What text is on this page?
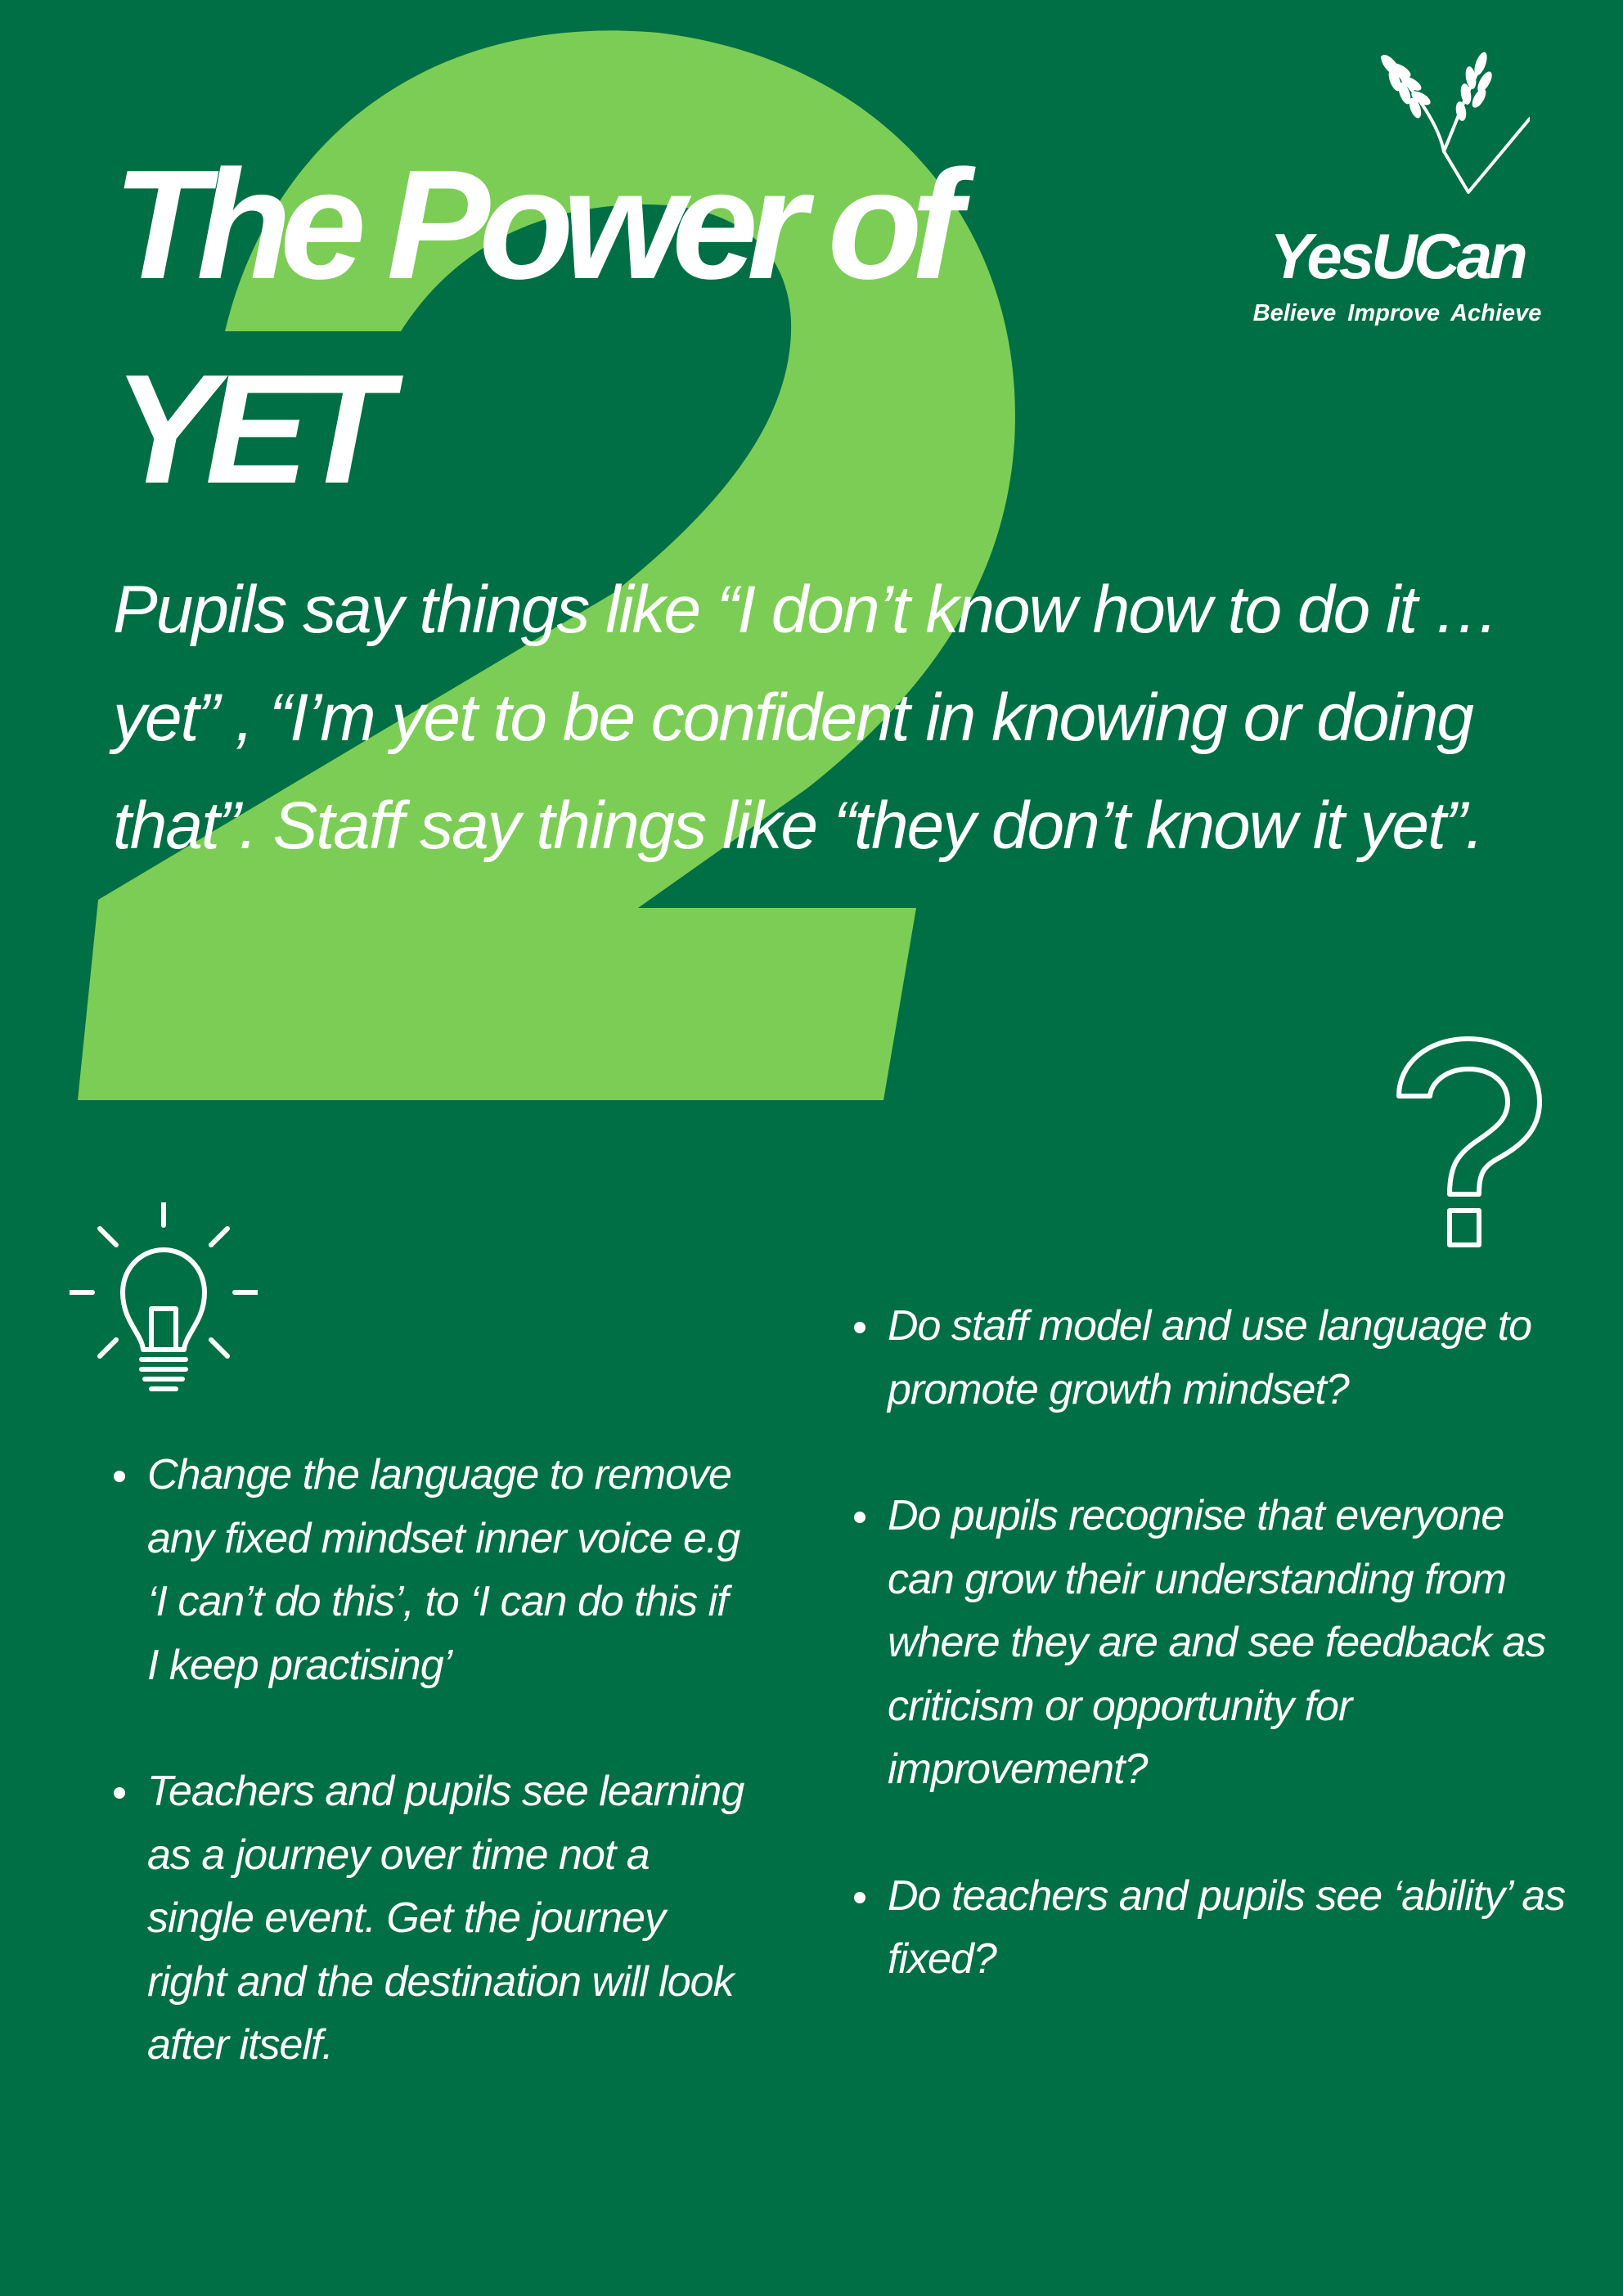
The Power of
YET
YesUCan
Believe Improve Achieve

Pupils say things like “I don’t know how to do it … yet” , “I’m yet to be confident in knowing or doing that”. Staff say things like “they don’t know it yet”.

Change the language to remove any fixed mindset inner voice e.g ‘I can’t do this’, to ‘I can do this if I keep practising’
Teachers and pupils see learning as a journey over time not a single event. Get the journey right and the destination will look after itself.
Do staff model and use language to promote growth mindset?
Do pupils recognise that everyone can grow their understanding from where they are and see feedback as criticism or opportunity for improvement?
Do teachers and pupils see ‘ability’ as fixed?
